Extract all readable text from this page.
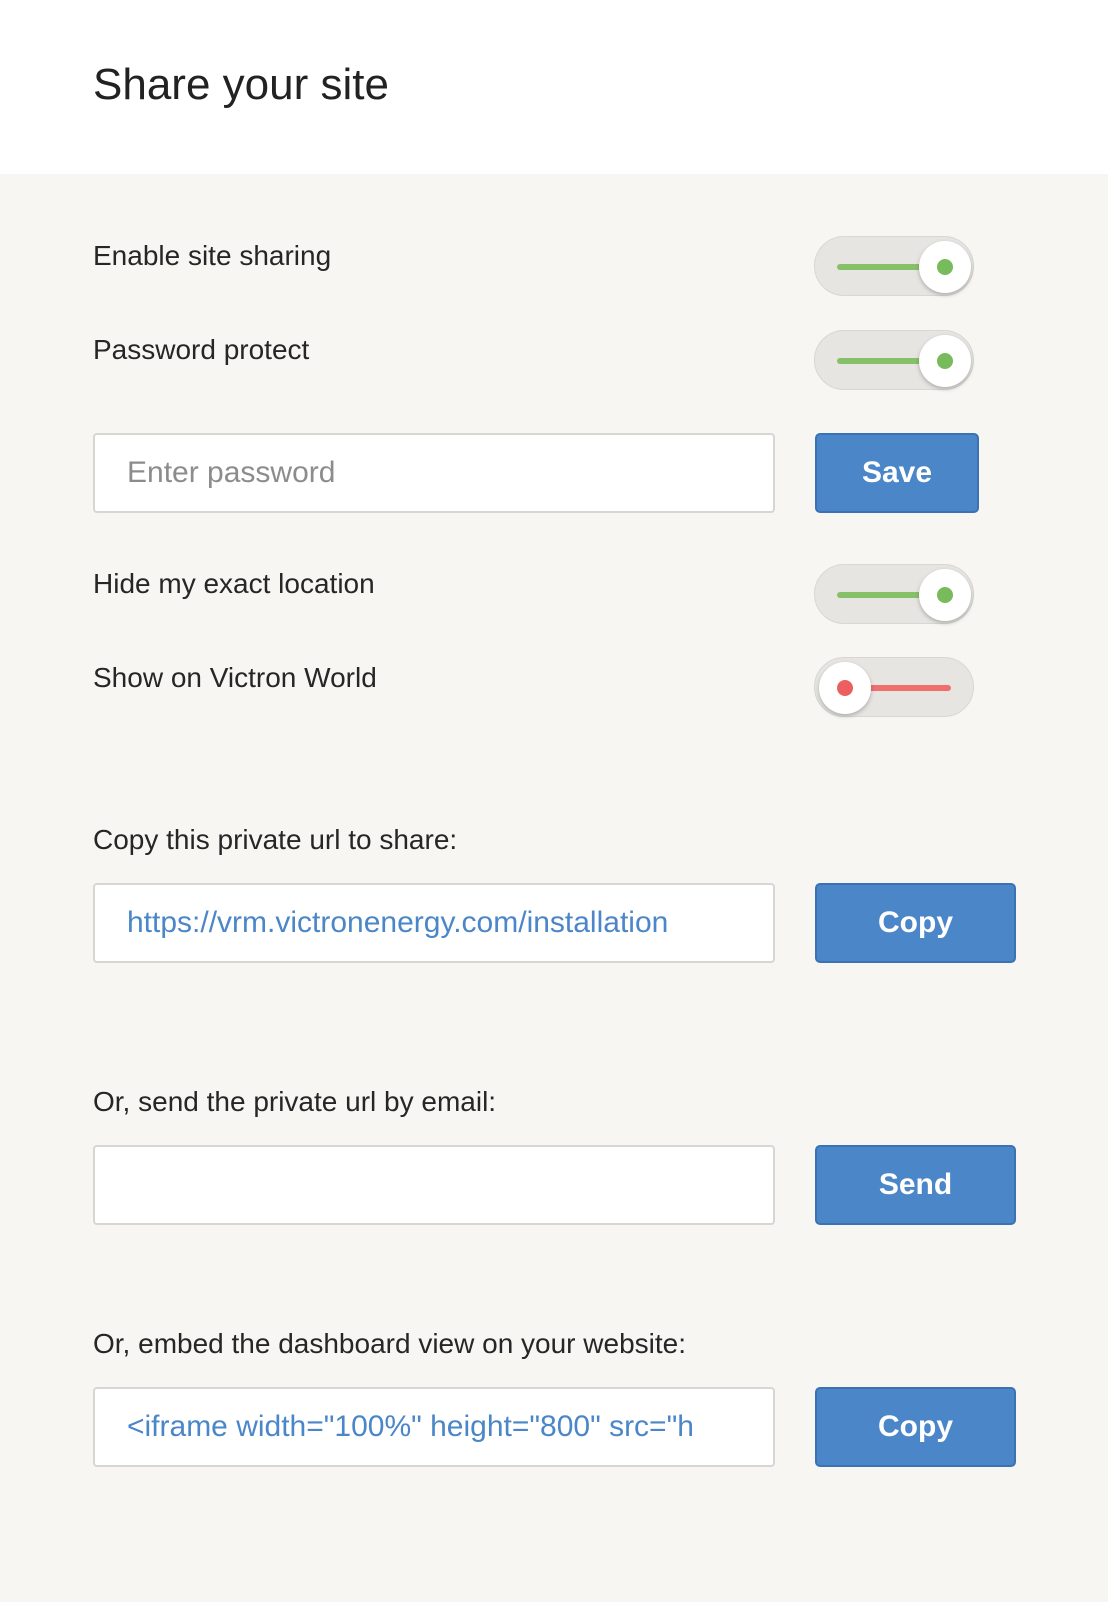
Share your site
Enable site sharing
Password protect
Save
Hide my exact location
Show on Victron World
Copy this private url to share:
https://vrm.victronenergy.com/installation
Copy
Or, send the private url by email:
Send
Or, embed the dashboard view on your website:
<iframe width="100%" height="800" src="h
Copy
